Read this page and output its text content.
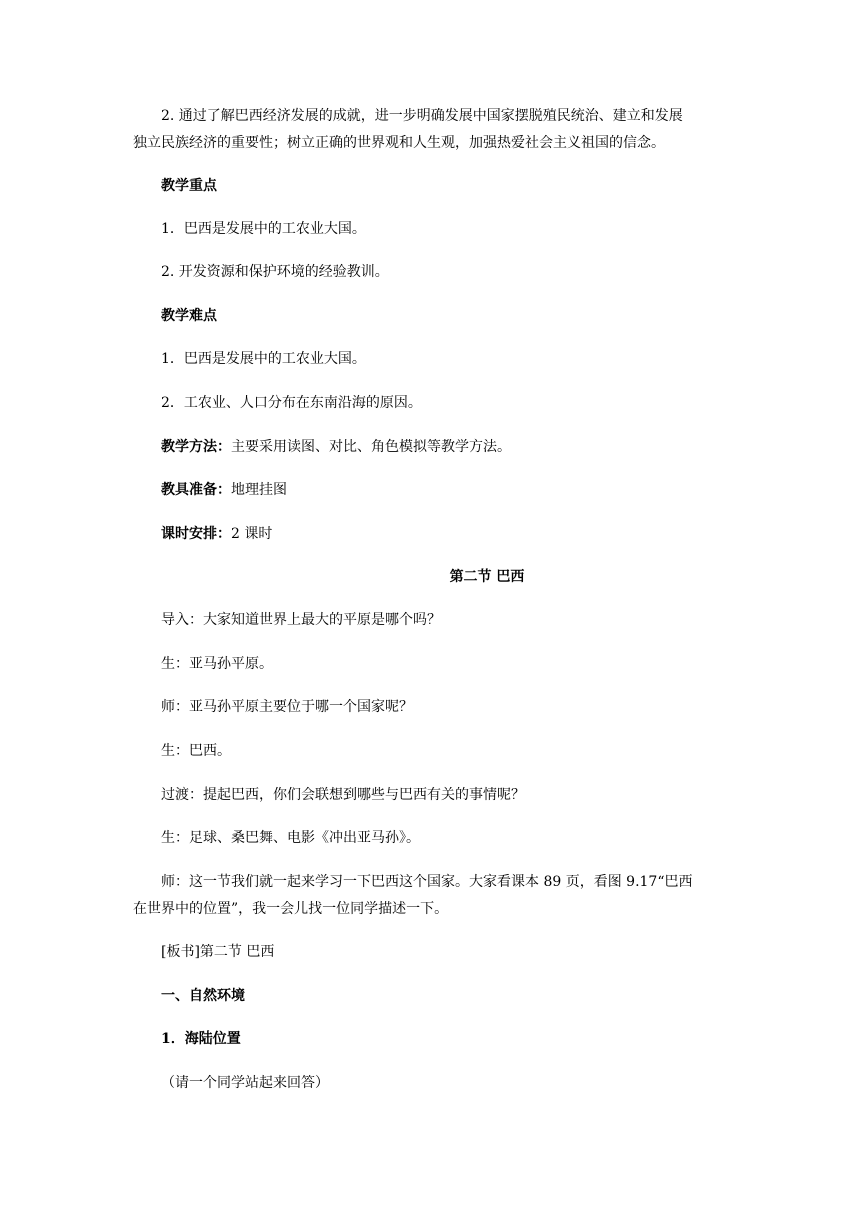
2. 通过了解巴西经济发展的成就，进一步明确发展中国家摆脱殖民统治、建立和发展
独立民族经济的重要性；树立正确的世界观和人生观，加强热爱社会主义祖国的信念。
教学重点
1．巴西是发展中的工农业大国。
2. 开发资源和保护环境的经验教训。
教学难点
1．巴西是发展中的工农业大国。
2．工农业、人口分布在东南沿海的原因。
教学方法：主要采用读图、对比、角色模拟等教学方法。
教具准备：地理挂图
课时安排：2 课时
第二节 巴西
导入：大家知道世界上最大的平原是哪个吗？
生：亚马孙平原。
师：亚马孙平原主要位于哪一个国家呢？
生：巴西。
过渡：提起巴西，你们会联想到哪些与巴西有关的事情呢？
生：足球、桑巴舞、电影《冲出亚马孙》。
师：这一节我们就一起来学习一下巴西这个国家。大家看课本 89 页，看图 9.17“巴西
在世界中的位置”，我一会儿找一位同学描述一下。
[板书]第二节 巴西
一、自然环境
1．海陆位置
（请一个同学站起来回答）
